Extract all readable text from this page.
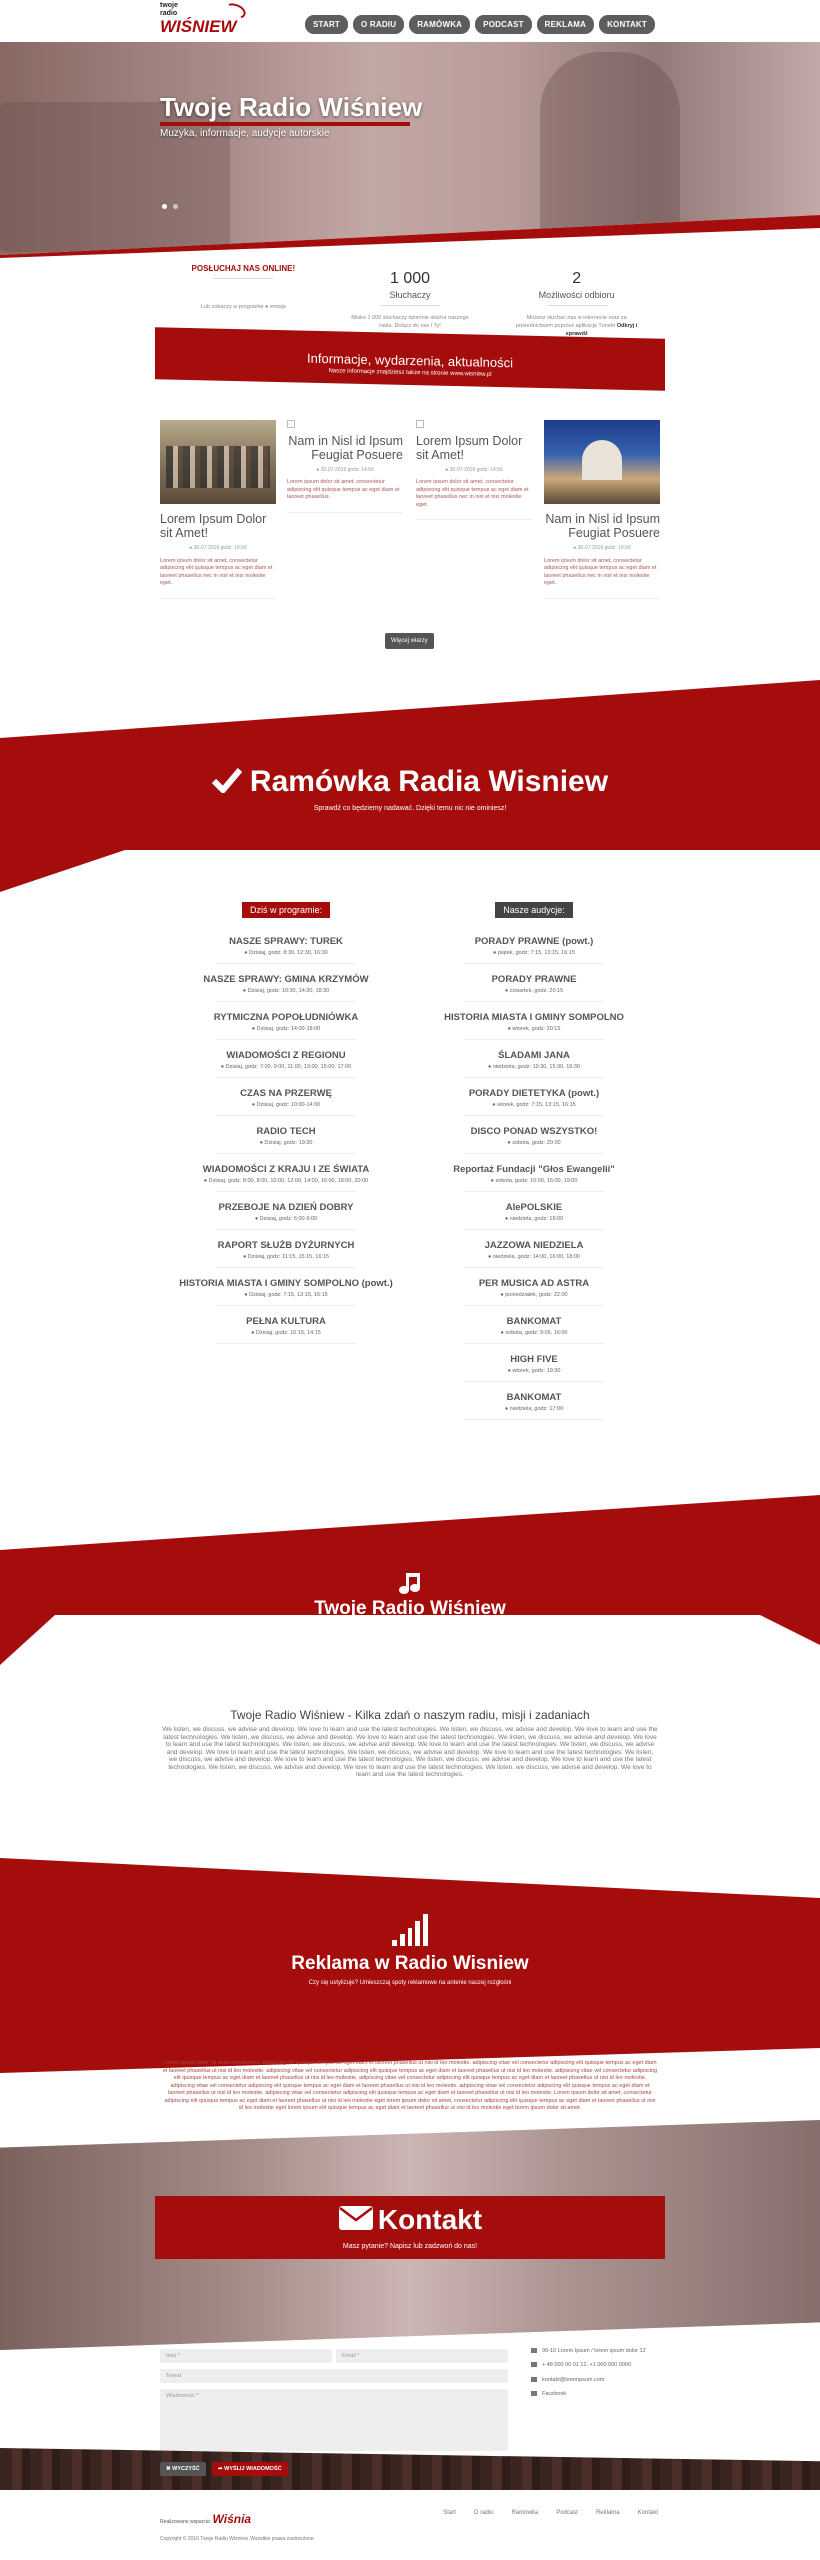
twoje
radio
WIŚNIEW	START	O RADIU	RAMÓWKA	PODCAST	REKLAMA	KONTAKT
Twoje Radio Wiśniew
Muzyka, informacje, audycje autorskie
POSŁUCHAJ NAS ONLINE!
Lub zobaczy w programie ● emisja
1 000
Słuchaczy
Blisko 1 000 słuchaczy dziennie słucha naszego radia. Dołącz do nas i Ty!
2
Możliwości odbioru
Możesz słuchać nas w internecie oraz za pośrednictwem poprzez aplikację TuneIn Odkryj i sprawdź
Informacje, wydarzenia, aktualności

Nasze informacje znajdziesz także na stronie www.wisniew.pl

Lorem Ipsum Dolor sit Amet!
● 30-07-2016 godz: 14:56
Lorem ipsum dolor sit amet, consectetur adipiscing elit quisque tempus ac eget diam et laoreet phasellus nec in nisl et nisi molestie eget.
Nam in Nisl id Ipsum Feugiat Posuere
● 30-07-2016 godz: 14:56
Lorem ipsum dolor sit amet, consectetur adipiscing elit quisque tempus ac eget diam et laoreet phasellus.
Lorem Ipsum Dolor sit Amet!
● 30-07-2016 godz: 14:56
Lorem ipsum dolor sit amet, consectetur adipiscing elit quisque tempus ac eget diam et laoreet phasellus nec in nisl et nisi molestie eget.
Nam in Nisl id Ipsum Feugiat Posuere
● 30-07-2016 godz: 14:56
Lorem ipsum dolor sit amet, consectetur adipiscing elit quisque tempus ac eget diam et laoreet phasellus nec in nisl et nisi molestie eget.
Więcej wiarzy
Ramówka Radia Wisniew
Sprawdź co będziemy nadawać. Dzięki temu nic nie ominiesz!
Dziś w programie:
NASZE SPRAWY: TUREK
● Dzisiaj, godz: 8:30, 12:30, 16:30
NASZE SPRAWY: GMINA KRZYMÓW
● Dzisiaj, godz: 10:30, 14:30, 18:30
RYTMICZNA POPOŁUDNIÓWKA
● Dzisiaj, godz: 14:00-18:00
WIADOMOŚCI Z REGIONU
● Dzisiaj, godz: 7:00, 9:00, 11:00, 13:00, 15:00, 17:00
CZAS NA PRZERWĘ
● Dzisiaj, godz: 10:00-14:00
RADIO TECH
● Dzisiaj, godz: 19:30
WIADOMOŚCI Z KRAJU I ZE ŚWIATA
● Dzisiaj, godz: 8:00, 8:00, 10:00, 12:00, 14:00, 16:00, 18:00, 20:00
PRZEBOJE NA DZIEŃ DOBRY
● Dzisiaj, godz: 6:00-9:00
RAPORT SŁUŻB DYŻURNYCH
● Dzisiaj, godz: 11:15, 15:15, 16:15
HISTORIA MIASTA I GMINY SOMPOLNO (powt.)
● Dzisiaj, godz: 7:15, 13:15, 16:15
PEŁNA KULTURA
● Dzisiaj, godz: 10:15, 14:15
Nasze audycje:
PORADY PRAWNE (powt.)
● piątek, godz: 7:15, 13:15, 16:15
PORADY PRAWNE
● czwartek, godz: 20:15
HISTORIA MIASTA I GMINY SOMPOLNO
● wtorek, godz: 20:15
ŚLADAMI JANA
● niedziela, godz: 10:30, 15:30, 19:30
PORADY DIETETYKA (powt.)
● wtorek, godz: 7:15, 13:15, 16:15
DISCO PONAD WSZYSTKO!
● sobota, godz: 20:00
Reportaż Fundacji "Głos Ewangelii"
● sobota, godz: 10:00, 15:00, 19:00
AlePOLSKIE
● niedziela, godz: 19:00
JAZZOWA NIEDZIELA
● niedziela, godz: 14:00, 16:00, 18:00
PER MUSICA AD ASTRA
● poniedziałek, godz: 22:00
BANKOMAT
● sobota, godz: 9:06, 16:00
HIGH FIVE
● wtorek, godz: 19:30
BANKOMAT
● niedziela, godz: 17:00
Twoje Radio Wiśniew
Kilka słów o naszej stacji
Twoje Radio Wiśniew - Kilka zdań o naszym radiu, misji i zadaniach
We listen, we discuss, we advise and develop. We love to learn and use the latest technologies. We listen, we discuss, we advise and develop. We love to learn and use the latest technologies. We listen, we discuss, we advise and develop. We love to learn and use the latest technologies. We listen, we discuss, we advise and develop. We love to learn and use the latest technologies. We listen, we discuss, we advise and develop. We love to learn and use the latest technologies. We listen, we discuss, we advise and develop. We love to learn and use the latest technologies. We listen, we discuss, we advise and develop. We love to learn and use the latest technologies. We listen, we discuss, we advise and develop. We love to learn and use the latest technologies. We listen, we discuss, we advise and develop. We love to learn and use the latest technologies. We listen, we discuss, we advise and develop. We love to learn and use the latest technologies. We listen, we discuss, we advise and develop. We love to learn and use the latest technologies.
Reklama w Radio Wisniew
Czy się ustylizuje? Umieszczaj spoty reklamowe na antenie naszej rozgłośni
Lorem ipsum dolor sit amet,consectetur adipiscing elit quisque tempus ac eget diam et laoreet phasellus ut nisi id leo molestie. adipiscing vitae vel consectetur adipiscing elit quisque tempus ac eget diam et laoreet phasellus ut nisi id leo molestie. adipiscing vitae vel consectetur adipiscing elit quisque tempus ac eget diam et laoreet phasellus ut nisi id leo molestie. adipiscing vitae vel consectetur adipiscing elit quisque tempus ac eget diam et laoreet phasellus ut nisi id leo molestie. adipiscing vitae vel consectetur adipiscing elit quisque tempus ac eget diam et laoreet phasellus ut nisi id leo molestie. adipiscing vitae vel consectetur adipiscing elit quisque tempus ac eget diam et laoreet phasellus ut nisi id leo molestie. adipiscing vitae vel consectetur adipiscing elit quisque tempus ac eget diam et laoreet phasellus ut nisi id leo molestie. adipiscing vitae vel consectetur adipiscing elit quisque tempus ac eget diam et laoreet phasellus ut nisi id leo molestie. Lorem ipsum dolor sit amet, consectetur adipiscing elit quisque tempus ac eget diam et laoreet phasellus ut nisi id leo molestie eget lorem ipsum dolor sit amet, consectetur adipiscing elit quisque tempus ac eget diam et laoreet phasellus ut nisi id leo molestie eget lorem ipsum elit quisque tempus ac eget diam et laoreet phasellus ut nisi id leo molestie eget lorem ipsum dolor sit amet.
Kontakt
Masz pytanie? Napisz lub zadzwoń do nas!
Imię *	Email *
Temat
Wiadomość *
99-10 Lorem Ipsum / lorem ipsum dolor 12
+ 48 000 00 01 12, +1 000 000 0000
kontakt@lorempsum.com
Facebook
✖ WYCZYŚĆ	➦ WYŚLIJ WIADOMOŚĆ
Realizowane wsparcie: Wiśnia
Copyright © 2016 Twoje Radio Wiśniew. Wszelkie prawa zastrzeżone
Start	O radiu	Ramówka	Podcast	Reklama	Kontakt
